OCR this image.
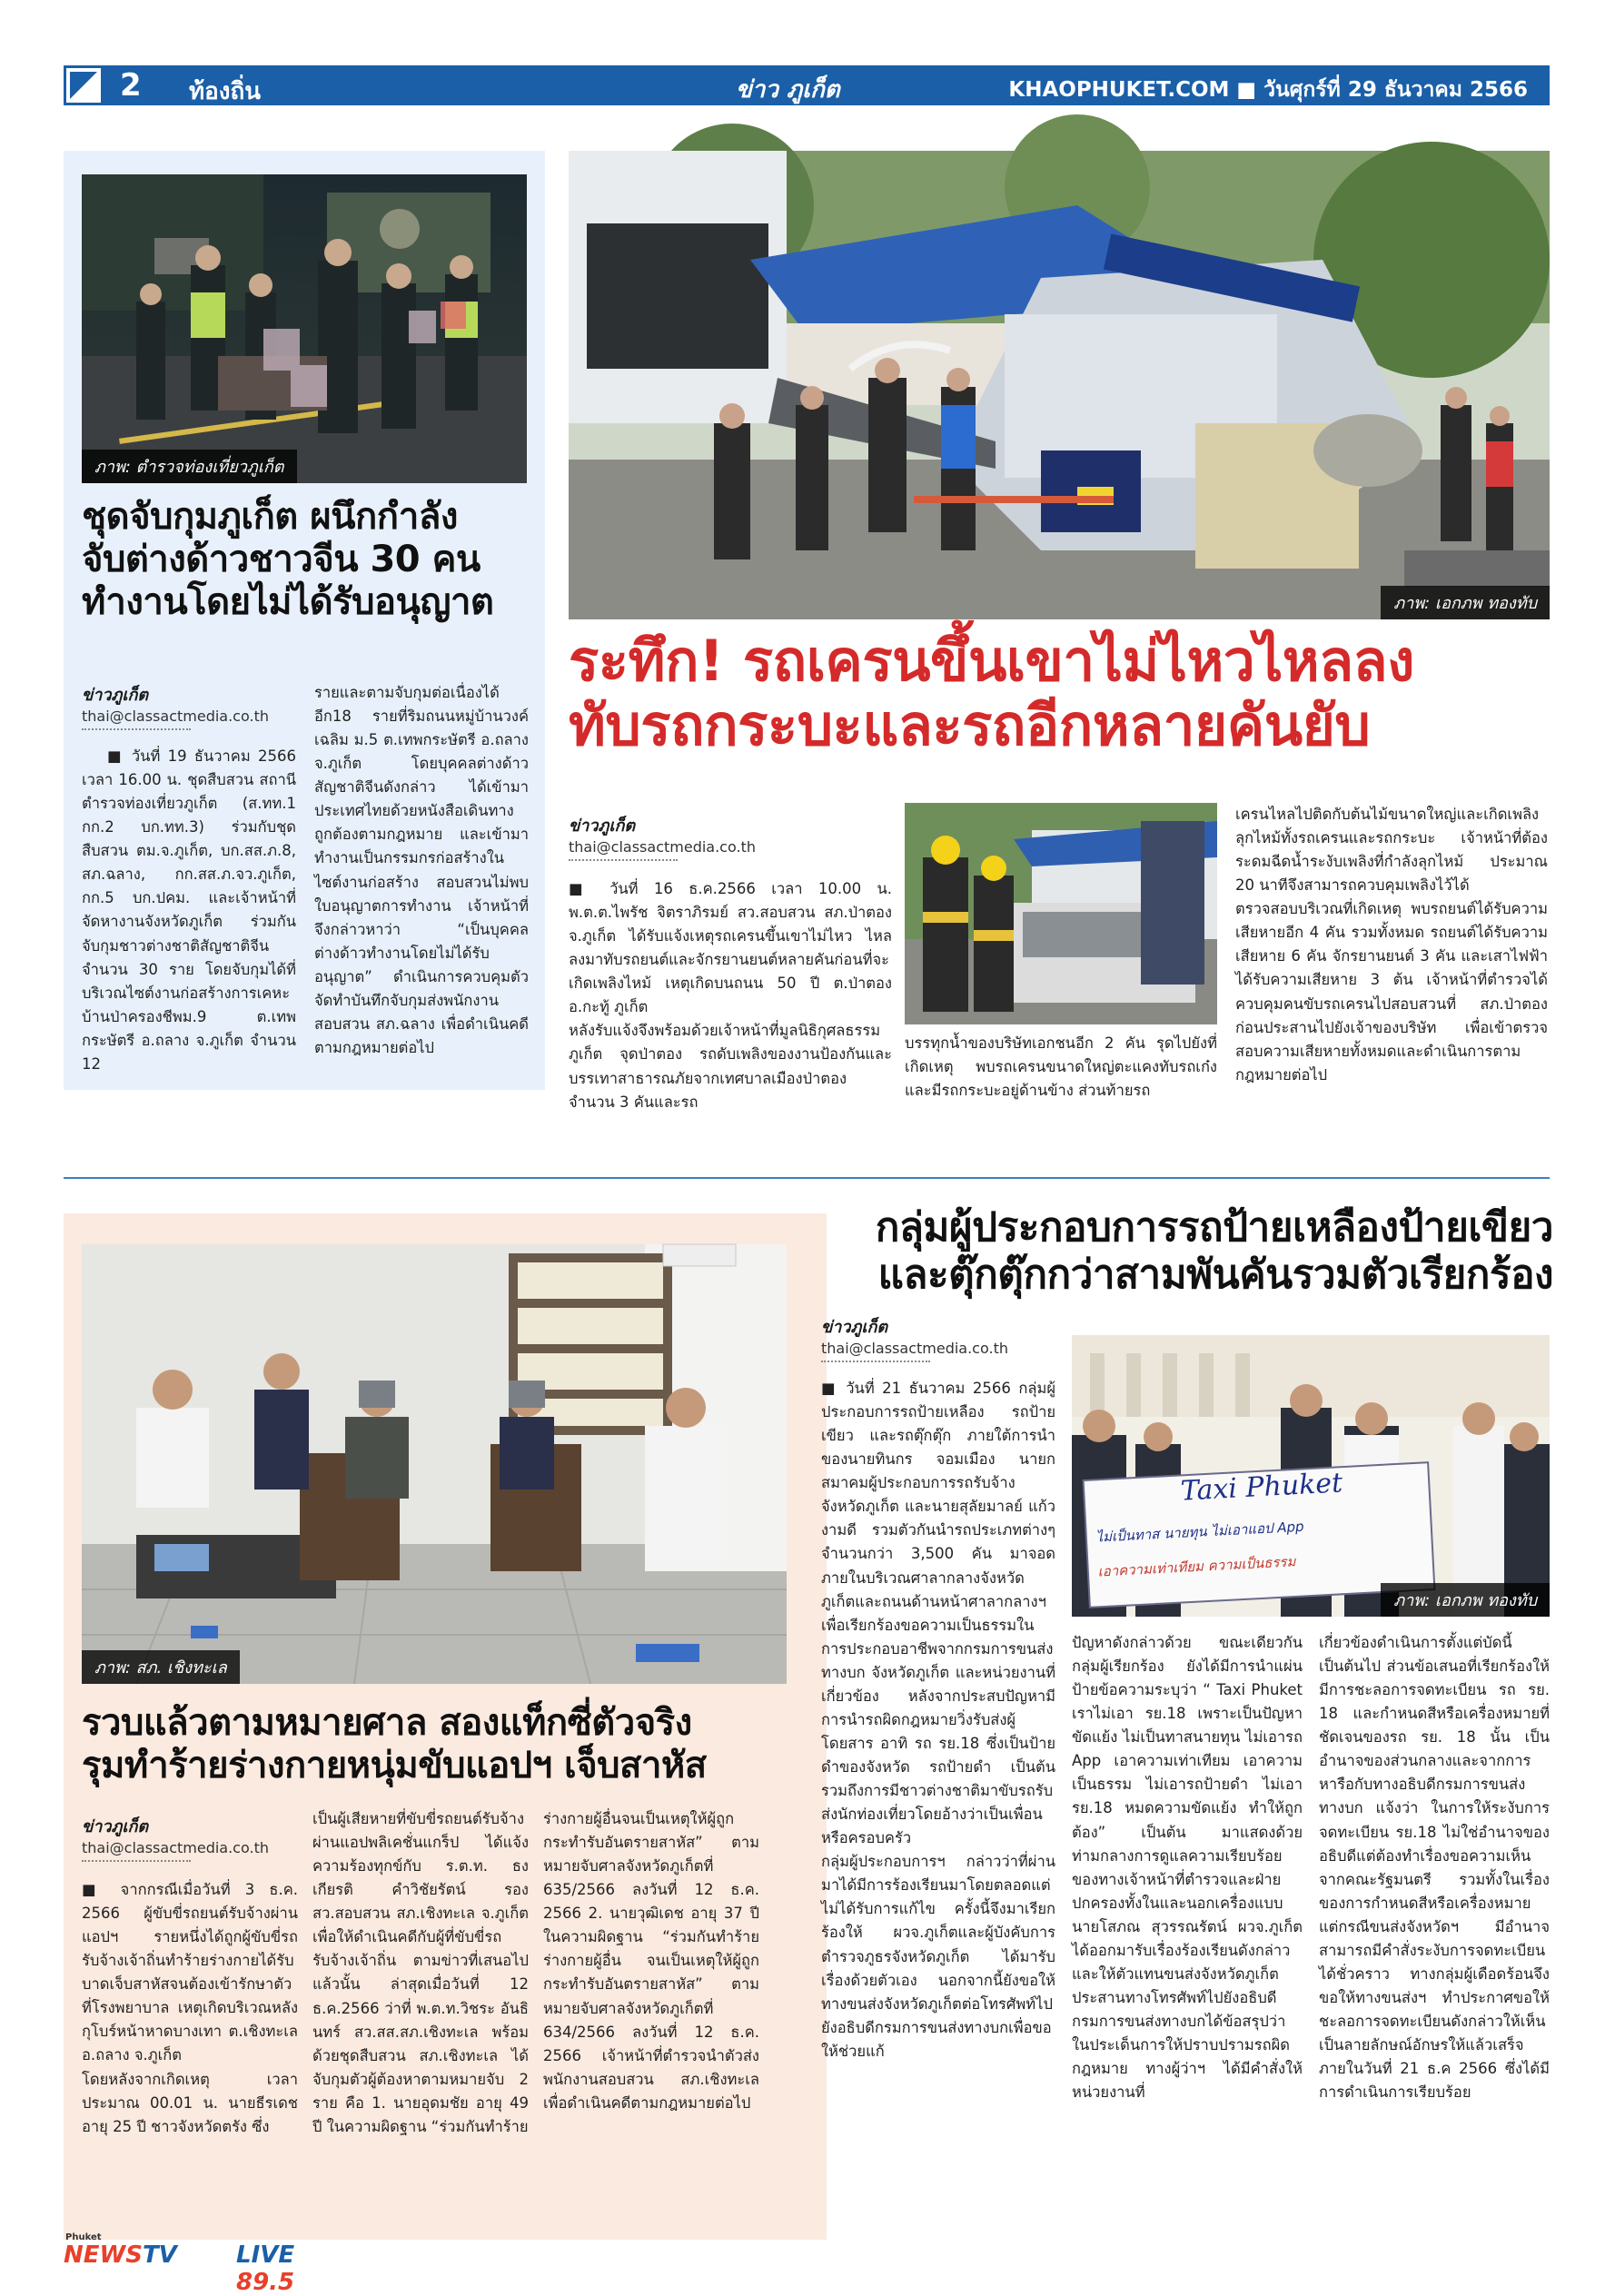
2 ท้องถิ่น	ข่าว ภูเก็ต	KHAOPHUKET.COM ■ วันศุกร์ที่ 29 ธันวาคม 2566
ภาพ: ตำรวจท่องเที่ยวภูเก็ต
ชุดจับกุมภูเก็ต ผนึกกำลัง
จับต่างด้าวชาวจีน 30 คน
ทำงานโดยไม่ได้รับอนุญาต
ข่าวภูเก็ต
thai@classactmedia.co.th
■ วันที่ 19 ธันวาคม 2566 เวลา 16.00 น. ชุดสืบสวน สถานีตำรวจท่องเที่ยวภูเก็ต (ส.ทท.1 กก.2 บก.ทท.3) ร่วมกับชุดสืบสวน ตม.จ.ภูเก็ต, บก.สส.ภ.8, สภ.ฉลาง, กก.สส.ภ.จว.ภูเก็ต, กก.5 บก.ปคม. และเจ้าหน้าที่จัดหางานจังหวัดภูเก็ต ร่วมกันจับกุมชาวต่างชาติสัญชาติจีน จำนวน 30 ราย โดยจับกุมได้ที่บริเวณไซต์งานก่อสร้างการเคหะบ้านป่าครองชีพม.9 ต.เทพกระษัตรี อ.ถลาง จ.ภูเก็ต จำนวน 12
รายและตามจับกุมต่อเนื่องได้อีก18 รายที่ริมถนนหมู่บ้านวงค์เฉลิม ม.5 ต.เทพกระษัตรี อ.ถลาง จ.ภูเก็ต โดยบุคคลต่างด้าวสัญชาติจีนดังกล่าว ได้เข้ามาประเทศไทยด้วยหนังสือเดินทางถูกต้องตามกฎหมาย และเข้ามาทำงานเป็นกรรมกรก่อสร้างในไซต์งานก่อสร้าง สอบสวนไม่พบใบอนุญาตการทำงาน เจ้าหน้าที่จึงกล่าวหาว่า “เป็นบุคคลต่างด้าวทำงานโดยไม่ได้รับอนุญาต” ดำเนินการควบคุมตัวจัดทำบันทึกจับกุมส่งพนักงานสอบสวน สภ.ฉลาง เพื่อดำเนินคดีตามกฎหมายต่อไป
ภาพ: เอกภพ ทองทับ
ระทึก! รถเครนขึ้นเขาไม่ไหวไหลลง
ทับรถกระบะและรถอีกหลายคันยับ
ข่าวภูเก็ต
thai@classactmedia.co.th
■ วันที่ 16 ธ.ค.2566 เวลา 10.00 น. พ.ต.ต.ไพรัช จิตราภิรมย์ สว.สอบสวน สภ.ป่าตอง จ.ภูเก็ต ได้รับแจ้งเหตุรถเครนขึ้นเขาไม่ไหว ไหลลงมาทับรถยนต์และจักรยานยนต์หลายคันก่อนที่จะเกิดเพลิงไหม้ เหตุเกิดบนถนน 50 ปี ต.ป่าตอง อ.กะทู้ ภูเก็ต
หลังรับแจ้งจึงพร้อมด้วยเจ้าหน้าที่มูลนิธิกุศลธรรมภูเก็ต จุดป่าตอง รถดับเพลิงของงานป้องกันและบรรเทาสาธารณภัยจากเทศบาลเมืองป่าตองจำนวน 3 คันและรถ
บรรทุกน้ำของบริษัทเอกชนอีก 2 คัน รุดไปยังที่เกิดเหตุ พบรถเครนขนาดใหญ่ตะแคงทับรถเก๋งและมีรถกระบะอยู่ด้านข้าง ส่วนท้ายรถ
เครนไหลไปติดกับต้นไม้ขนาดใหญ่และเกิดเพลิงลุกไหม้ทั้งรถเครนและรถกระบะ เจ้าหน้าที่ต้องระดมฉีดน้ำระงับเพลิงที่กำลังลุกไหม้ ประมาณ 20 นาทีจึงสามารถควบคุมเพลิงไว้ได้
ตรวจสอบบริเวณที่เกิดเหตุ พบรถยนต์ได้รับความเสียหายอีก 4 คัน รวมทั้งหมด รถยนต์ได้รับความเสียหาย 6 คัน จักรยานยนต์ 3 คัน และเสาไฟฟ้าได้รับความเสียหาย 3 ต้น เจ้าหน้าที่ตำรวจได้ควบคุมคนขับรถเครนไปสอบสวนที่ สภ.ป่าตอง ก่อนประสานไปยังเจ้าของบริษัท เพื่อเข้าตรวจสอบความเสียหายทั้งหมดและดำเนินการตามกฎหมายต่อไป
ภาพ: สภ. เชิงทะเล
รวบแล้วตามหมายศาล สองแท็กซี่ตัวจริง
รุมทำร้ายร่างกายหนุ่มขับแอปฯ เจ็บสาหัส
ข่าวภูเก็ต
thai@classactmedia.co.th
■ จากกรณีเมื่อวันที่ 3 ธ.ค. 2566 ผู้ขับขี่รถยนต์รับจ้างผ่านแอปฯ รายหนึ่งได้ถูกผู้ขับขี่รถรับจ้างเจ้าถิ่นทำร้ายร่างกายได้รับบาดเจ็บสาหัสจนต้องเข้ารักษาตัวที่โรงพยาบาล เหตุเกิดบริเวณหลังกุโบร์หน้าหาดบางเทา ต.เชิงทะเล อ.ถลาง จ.ภูเก็ต
โดยหลังจากเกิดเหตุ เวลาประมาณ 00.01 น. นายธีรเดช อายุ 25 ปี ชาวจังหวัดตรัง ซึ่ง
เป็นผู้เสียหายที่ขับขี่รถยนต์รับจ้างผ่านแอปพลิเคชั่นแกร็ป ได้แจ้งความร้องทุกข์กับ ร.ต.ท. ธงเกียรติ คำวิชัยรัตน์ รอง สว.สอบสวน สภ.เชิงทะเล จ.ภูเก็ต เพื่อให้ดำเนินคดีกับผู้ที่ขับขี่รถรับจ้างเจ้าถิ่น ตามข่าวที่เสนอไปแล้วนั้น ล่าสุดเมื่อวันที่ 12 ธ.ค.2566 ว่าที่ พ.ต.ท.วิชระ อันธิ นทร์ สว.สส.สภ.เชิงทะเล พร้อมด้วยชุดสืบสวน สภ.เชิงทะเล ได้จับกุมตัวผู้ต้องหาตามหมายจับ 2 ราย คือ 1. นายอุดมชัย อายุ 49 ปี ในความผิดฐาน “ร่วมกันทำร้าย
ร่างกายผู้อื่นจนเป็นเหตุให้ผู้ถูกกระทำรับอันตรายสาหัส” ตามหมายจับศาลจังหวัดภูเก็ตที่ 635/2566 ลงวันที่ 12 ธ.ค. 2566 2. นายวุฒิเดช อายุ 37 ปี ในความผิดฐาน “ร่วมกันทำร้ายร่างกายผู้อื่น จนเป็นเหตุให้ผู้ถูกกระทำรับอันตรายสาหัส” ตามหมายจับศาลจังหวัดภูเก็ตที่ 634/2566 ลงวันที่ 12 ธ.ค. 2566 เจ้าหน้าที่ตำรวจนำตัวส่งพนักงานสอบสวน สภ.เชิงทะเล เพื่อดำเนินคดีตามกฎหมายต่อไป
กลุ่มผู้ประกอบการรถป้ายเหลืองป้ายเขียว
และตุ๊กตุ๊กกว่าสามพันคันรวมตัวเรียกร้อง
ข่าวภูเก็ต
thai@classactmedia.co.th
Taxi Phuket
ไม่เป็นทาส นายทุน ไม่เอาแอป App
เอาความเท่าเทียม ความเป็นธรรม
ภาพ: เอกภพ ทองทับ
■ วันที่ 21 ธันวาคม 2566 กลุ่มผู้ประกอบการรถป้ายเหลือง รถป้ายเขียว และรถตุ๊กตุ๊ก ภายใต้การนำของนายทินกร จอมเมือง นายกสมาคมผู้ประกอบการรถรับจ้างจังหวัดภูเก็ต และนายสุลัยมาลย์ แก้วงามดี รวมตัวกันนำรถประเภทต่างๆ จำนวนกว่า 3,500 คัน มาจอดภายในบริเวณศาลากลางจังหวัดภูเก็ตและถนนด้านหน้าศาลากลางฯ เพื่อเรียกร้องขอความเป็นธรรมในการประกอบอาชีพจากกรมการขนส่งทางบก จังหวัดภูเก็ต และหน่วยงานที่เกี่ยวข้อง หลังจากประสบปัญหามีการนำรถผิดกฎหมายวิ่งรับส่งผู้โดยสาร อาทิ รถ รย.18 ซึ่งเป็นป้ายดำของจังหวัด รถป้ายดำ เป็นต้น รวมถึงการมีชาวต่างชาติมาขับรถรับส่งนักท่องเที่ยวโดยอ้างว่าเป็นเพื่อนหรือครอบครัว
กลุ่มผู้ประกอบการฯ กล่าวว่าที่ผ่านมาได้มีการร้องเรียนมาโดยตลอดแต่ไม่ได้รับการแก้ไข ครั้งนี้จึงมาเรียกร้องให้ ผวจ.ภูเก็ตและผู้บังคับการตำรวจภูธรจังหวัดภูเก็ต ได้มารับเรื่องด้วยตัวเอง นอกจากนี้ยังขอให้ทางขนส่งจังหวัดภูเก็ตต่อโทรศัพท์ไปยังอธิบดีกรมการขนส่งทางบกเพื่อขอให้ช่วยแก้
ปัญหาดังกล่าวด้วย ขณะเดียวกันกลุ่มผู้เรียกร้อง ยังได้มีการนำแผ่นป้ายข้อความระบุว่า “ Taxi Phuket เราไม่เอา รย.18 เพราะเป็นปัญหาขัดแย้ง ไม่เป็นทาสนายทุน ไม่เอารถ App เอาความเท่าเทียม เอาความเป็นธรรม ไม่เอารถป้ายดำ ไม่เอา รย.18 หมดความขัดแย้ง ทำให้ถูกต้อง” เป็นต้น มาแสดงด้วย ท่ามกลางการดูแลความเรียบร้อยของทางเจ้าหน้าที่ตำรวจและฝ่ายปกครองทั้งในและนอกเครื่องแบบ
นายโสภณ สุวรรณรัตน์ ผวจ.ภูเก็ต ได้ออกมารับเรื่องร้องเรียนดังกล่าว และให้ตัวแทนขนส่งจังหวัดภูเก็ตประสานทางโทรศัพท์ไปยังอธิบดีกรมการขนส่งทางบกได้ข้อสรุปว่า ในประเด็นการให้ปราบปรามรถผิดกฎหมาย ทางผู้ว่าฯ ได้มีคำสั่งให้หน่วยงานที่
เกี่ยวข้องดำเนินการตั้งแต่บัดนี้เป็นต้นไป ส่วนข้อเสนอที่เรียกร้องให้มีการชะลอการจดทะเบียน รถ รย. 18 และกำหนดสีหรือเครื่องหมายที่ชัดเจนของรถ รย. 18 นั้น เป็นอำนาจของส่วนกลางและจากการหารือกับทางอธิบดีกรมการขนส่งทางบก แจ้งว่า ในการให้ระงับการจดทะเบียน รย.18 ไม่ใช่อำนาจของอธิบดีแต่ต้องทำเรื่องขอความเห็นจากคณะรัฐมนตรี รวมทั้งในเรื่องของการกำหนดสีหรือเครื่องหมาย แต่กรณีขนส่งจังหวัดฯ มีอำนาจสามารถมีคำสั่งระงับการจดทะเบียนได้ชั่วคราว ทางกลุ่มผู้เดือดร้อนจึงขอให้ทางขนส่งฯ ทำประกาศขอให้ชะลอการจดทะเบียนดังกล่าวให้เห็นเป็นลายลักษณ์อักษรให้แล้วเสร็จภายในวันที่ 21 ธ.ค 2566 ซึ่งได้มีการดำเนินการเรียบร้อย
Phuket
NEWSTV	LIVE 89.5
